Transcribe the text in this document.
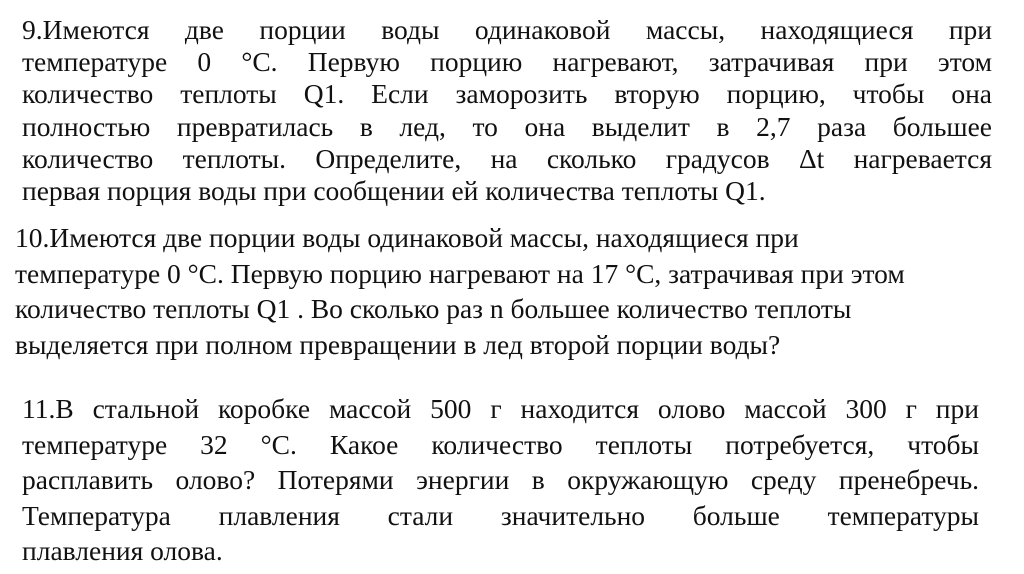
9.Имеются две порции воды одинаковой массы, находящиеся при
температуре 0 °С. Первую порцию нагревают, затрачивая при этом
количество теплоты Q1. Если заморозить вторую порцию, чтобы она
полностью превратилась в лед, то она выделит в 2,7 раза большее
количество теплоты. Определите, на сколько градусов Δt нагревается
первая порция воды при сообщении ей количества теплоты Q1.
10.Имеются две порции воды одинаковой массы, находящиеся при
температуре 0 °С. Первую порцию нагревают на 17 °С, затрачивая при этом
количество теплоты Q1 . Во сколько раз n большее количество теплоты
выделяется при полном превращении в лед второй порции воды?
11.В стальной коробке массой 500 г находится олово массой 300 г при
температуре 32 °С. Какое количество теплоты потребуется, чтобы
расплавить олово? Потерями энергии в окружающую среду пренебречь.
Температура плавления стали значительно больше температуры
плавления олова.
